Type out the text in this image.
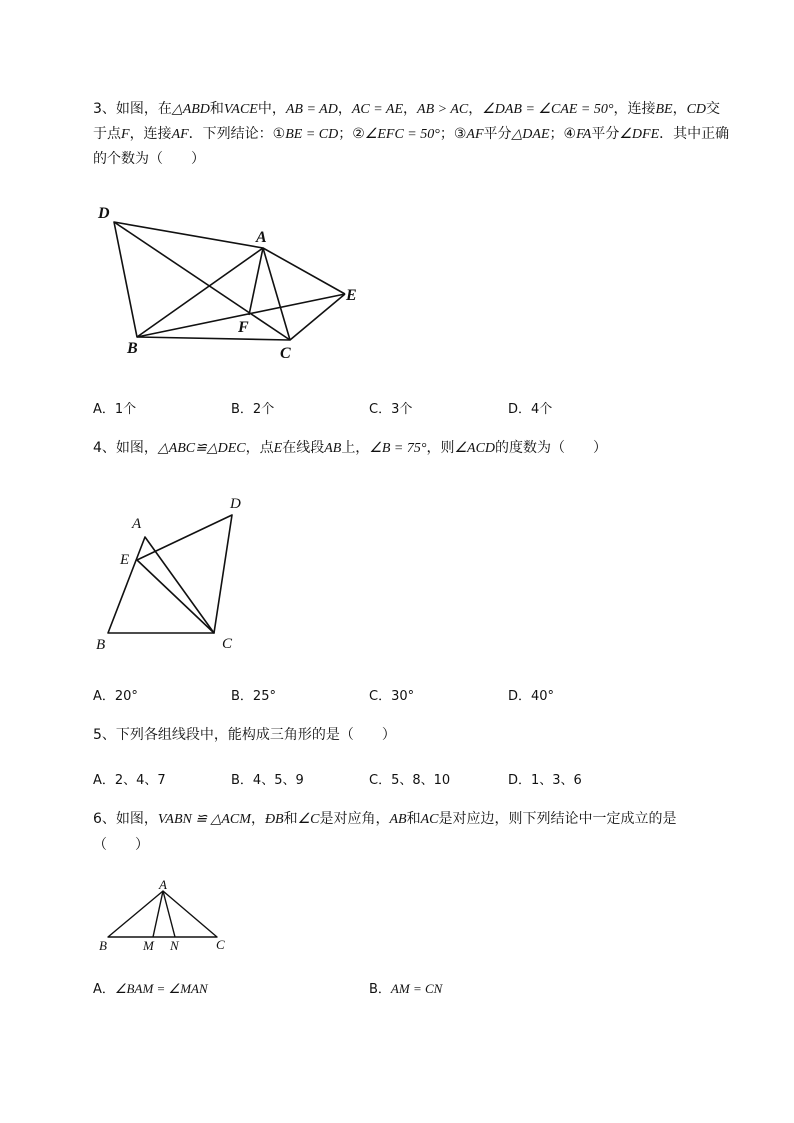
3、如图，在△ABD和VACE中，AB = AD，AC = AE，AB > AC，∠DAB = ∠CAE = 50°，连接BE，CD交于点F，连接AF．下列结论：①BE = CD；②∠EFC = 50°；③AF平分△DAE；④FA平分∠DFE．其中正确的个数为（　　）
D
A
E
F
B	C
A．1个	B．2个	C．3个	D．4个
4、如图，△ABC≌△DEC，点E在线段AB上，∠B = 75°，则∠ACD的度数为（　　）
D
A
E
B	C
A．20°	B．25°	C．30°	D．40°
5、下列各组线段中，能构成三角形的是（　　）
A．2、4、7	B．4、5、9	C．5、8、10	D．1、3、6
6、如图，VABN ≌ △ACM，ÐB和∠C是对应角，AB和AC是对应边，则下列结论中一定成立的是
（　　）
A
B	M N	C
A．∠BAM = ∠MAN	B．AM = CN
